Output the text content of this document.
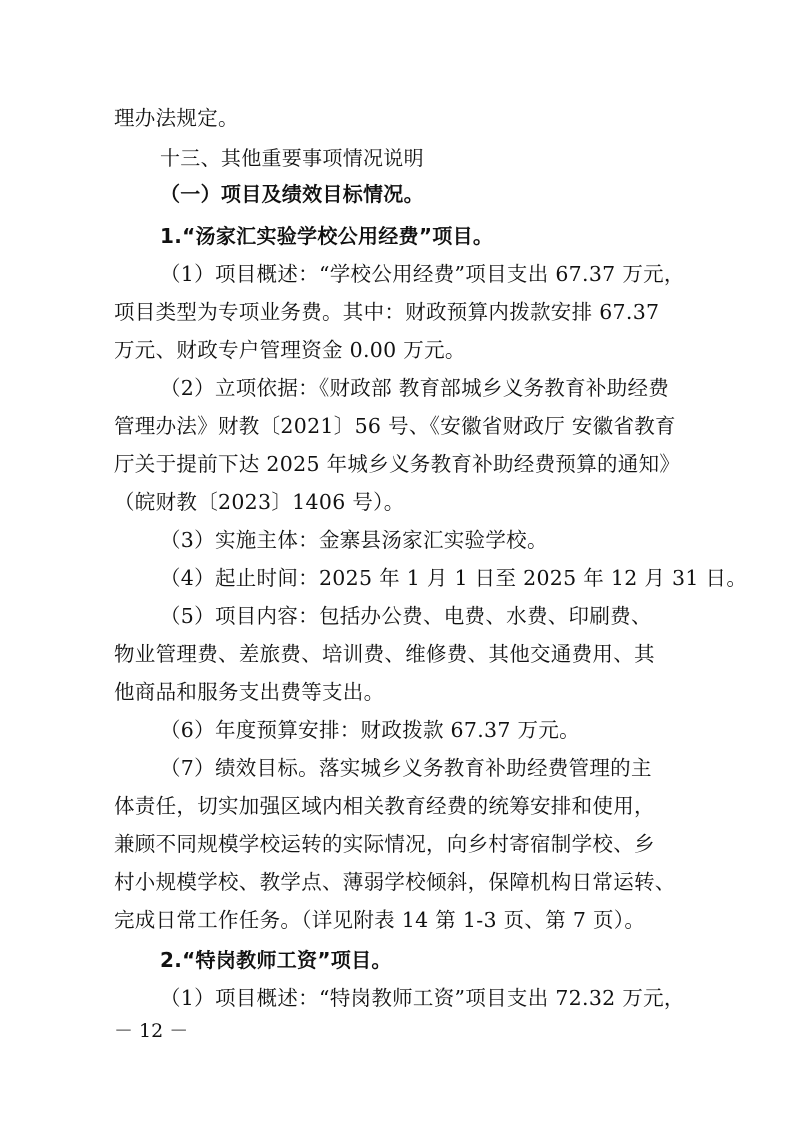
理办法规定。
十三、其他重要事项情况说明
（一）项目及绩效目标情况。
1.“汤家汇实验学校公用经费”项目。
（1）项目概述：“学校公用经费”项目支出 67.37 万元，
项目类型为专项业务费。其中：财政预算内拨款安排 67.37
万元、财政专户管理资金 0.00 万元。
（2）立项依据：《财政部 教育部城乡义务教育补助经费
管理办法》财教〔2021〕56 号、《安徽省财政厅 安徽省教育
厅关于提前下达 2025 年城乡义务教育补助经费预算的通知》
（皖财教〔2023〕1406 号）。
（3）实施主体：金寨县汤家汇实验学校。
（4）起止时间：2025 年 1 月 1 日至 2025 年 12 月 31 日。
（5）项目内容：包括办公费、电费、水费、印刷费、
物业管理费、差旅费、培训费、维修费、其他交通费用、其
他商品和服务支出费等支出。
（6）年度预算安排：财政拨款 67.37 万元。
（7）绩效目标。落实城乡义务教育补助经费管理的主
体责任，切实加强区域内相关教育经费的统筹安排和使用，
兼顾不同规模学校运转的实际情况，向乡村寄宿制学校、乡
村小规模学校、教学点、薄弱学校倾斜，保障机构日常运转、
完成日常工作任务。（详见附表 14 第 1-3 页、第 7 页）。
2.“特岗教师工资”项目。
（1）项目概述：“特岗教师工资”项目支出 72.32 万元，
－ 12 －
